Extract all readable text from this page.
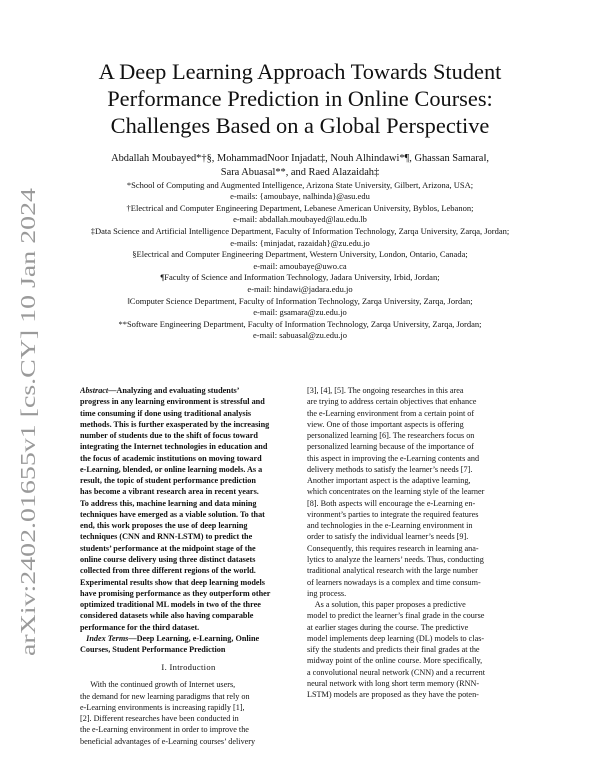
arXiv:2402.01655v1 [cs.CY] 10 Jan 2024
A Deep Learning Approach Towards Student
Performance Prediction in Online Courses:
Challenges Based on a Global Perspective
Abdallah Moubayed*†§, MohammadNoor Injadat‡, Nouh Alhindawi*¶, Ghassan Samara‖,
Sara Abuasal**, and Raed Alazaidah‡
*School of Computing and Augmented Intelligence, Arizona State University, Gilbert, Arizona, USA;
e-mails: {amoubaye, nalhinda}@asu.edu
†Electrical and Computer Engineering Department, Lebanese American University, Byblos, Lebanon;
e-mail: abdallah.moubayed@lau.edu.lb
‡Data Science and Artificial Intelligence Department, Faculty of Information Technology, Zarqa University, Zarqa, Jordan;
e-mails: {minjadat, razaidah}@zu.edu.jo
§Electrical and Computer Engineering Department, Western University, London, Ontario, Canada;
e-mail: amoubaye@uwo.ca
¶Faculty of Science and Information Technology, Jadara University, Irbid, Jordan;
e-mail: hindawi@jadara.edu.jo
‖Computer Science Department, Faculty of Information Technology, Zarqa University, Zarqa, Jordan;
e-mail: gsamara@zu.edu.jo
**Software Engineering Department, Faculty of Information Technology, Zarqa University, Zarqa, Jordan;
e-mail: sabuasal@zu.edu.jo
Abstract—Analyzing and evaluating students’
progress in any learning environment is stressful and
time consuming if done using traditional analysis
methods. This is further exasperated by the increasing
number of students due to the shift of focus toward
integrating the Internet technologies in education and
the focus of academic institutions on moving toward
e-Learning, blended, or online learning models. As a
result, the topic of student performance prediction
has become a vibrant research area in recent years.
To address this, machine learning and data mining
techniques have emerged as a viable solution. To that
end, this work proposes the use of deep learning
techniques (CNN and RNN-LSTM) to predict the
students’ performance at the midpoint stage of the
online course delivery using three distinct datasets
collected from three different regions of the world.
Experimental results show that deep learning models
have promising performance as they outperform other
optimized traditional ML models in two of the three
considered datasets while also having comparable
performance for the third dataset.
Index Terms—Deep Learning, e-Learning, Online
Courses, Student Performance Prediction
I. Introduction
With the continued growth of Internet users,
the demand for new learning paradigms that rely on
e-Learning environments is increasing rapidly [1],
[2]. Different researches have been conducted in
the e-Learning environment in order to improve the
beneficial advantages of e-Learning courses’ delivery
[3], [4], [5]. The ongoing researches in this area
are trying to address certain objectives that enhance
the e-Learning environment from a certain point of
view. One of those important aspects is offering
personalized learning [6]. The researchers focus on
personalized learning because of the importance of
this aspect in improving the e-Learning contents and
delivery methods to satisfy the learner’s needs [7].
Another important aspect is the adaptive learning,
which concentrates on the learning style of the learner
[8]. Both aspects will encourage the e-Learning en-
vironment’s parties to integrate the required features
and technologies in the e-Learning environment in
order to satisfy the individual learner’s needs [9].
Consequently, this requires research in learning ana-
lytics to analyze the learners’ needs. Thus, conducting
traditional analytical research with the large number
of learners nowadays is a complex and time consum-
ing process.
As a solution, this paper proposes a predictive
model to predict the learner’s final grade in the course
at earlier stages during the course. The predictive
model implements deep learning (DL) models to clas-
sify the students and predicts their final grades at the
midway point of the online course. More specifically,
a convolutional neural network (CNN) and a recurrent
neural network with long short term memory (RNN-
LSTM) models are proposed as they have the poten-
